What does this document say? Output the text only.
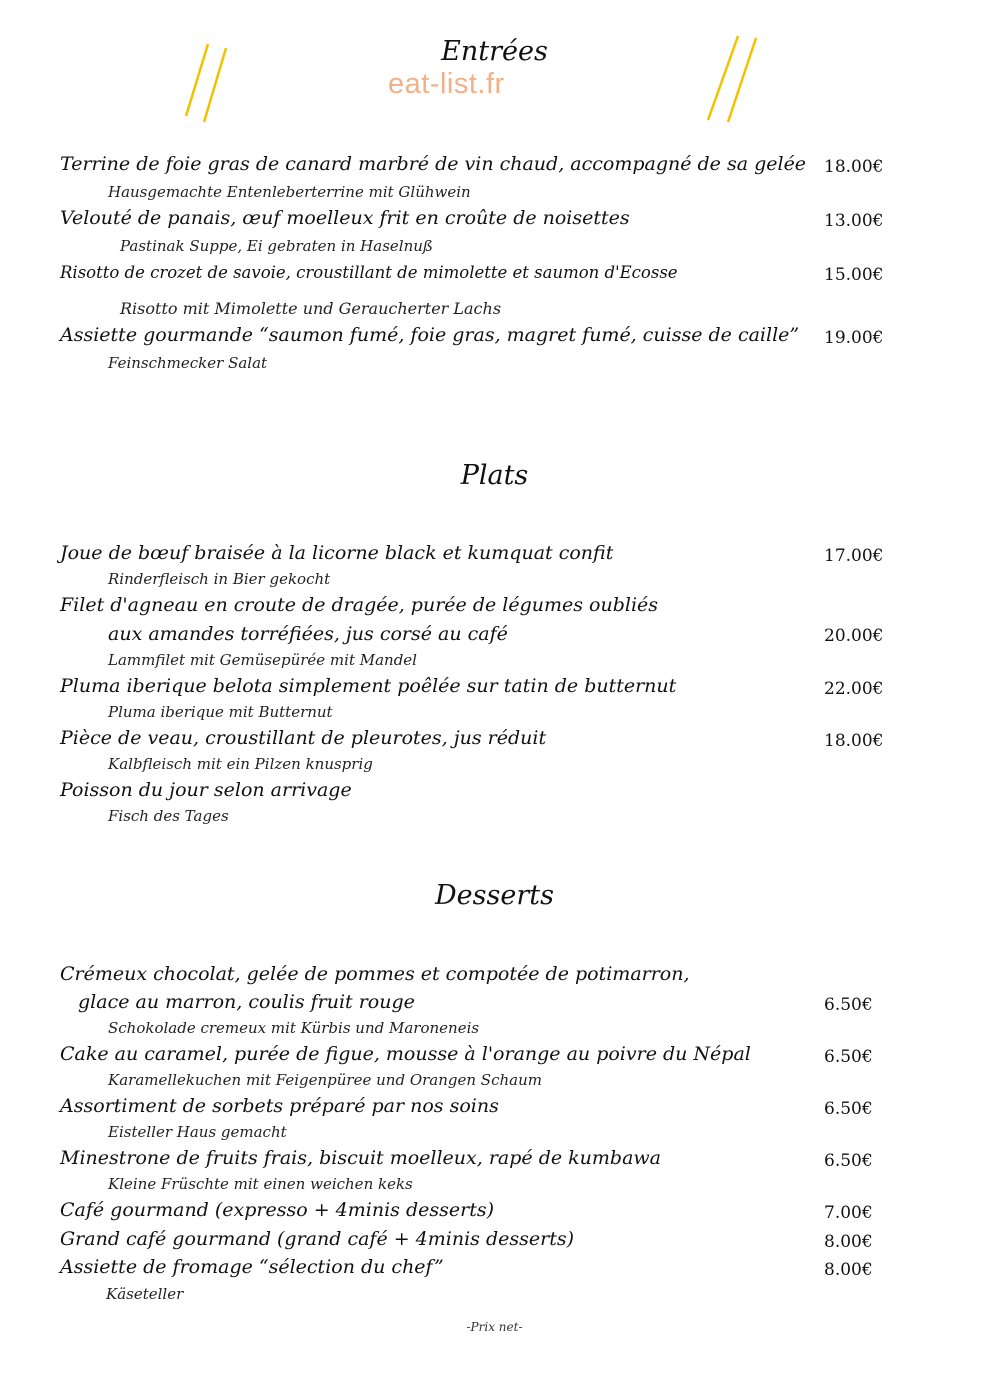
eat-list.fr
Entrées
Terrine de foie gras de canard marbré de vin chaud, accompagné de sa gelée 18.00€
Hausgemachte Entenleberterrine mit Glühwein
Velouté de panais, œuf moelleux frit en croûte de noisettes	13.00€
Pastinak Suppe, Ei gebraten in Haselnuß
Risotto de crozet de savoie, croustillant de mimolette et saumon d'Ecosse	15.00€
Risotto mit Mimolette und Geraucherter Lachs
Assiette gourmande “saumon fumé, foie gras, magret fumé, cuisse de caille” 19.00€
Feinschmecker Salat
Plats
Joue de bœuf braisée à la licorne black et kumquat confit	17.00€
Rinderfleisch in Bier gekocht
Filet d'agneau en croute de dragée, purée de légumes oubliés
aux amandes torréfiées, jus corsé au café	20.00€
Lammfilet mit Gemüsepürée mit Mandel
Pluma iberique belota simplement poêlée sur tatin de butternut	22.00€
Pluma iberique mit Butternut
Pièce de veau, croustillant de pleurotes, jus réduit	18.00€
Kalbfleisch mit ein Pilzen knusprig
Poisson du jour selon arrivage
Fisch des Tages
Desserts
Crémeux chocolat, gelée de pommes et compotée de potimarron,
glace au marron, coulis fruit rouge	6.50€
Schokolade cremeux mit Kürbis und Maroneneis
Cake au caramel, purée de figue, mousse à l'orange au poivre du Népal	6.50€
Karamellekuchen mit Feigenpüree und Orangen Schaum
Assortiment de sorbets préparé par nos soins	6.50€
Eisteller Haus gemacht
Minestrone de fruits frais, biscuit moelleux, rapé de kumbawa	6.50€
Kleine Früschte mit einen weichen keks
Café gourmand (expresso + 4minis desserts)	7.00€
Grand café gourmand (grand café + 4minis desserts)	8.00€
Assiette de fromage “sélection du chef”	8.00€
Käseteller
-Prix net-
